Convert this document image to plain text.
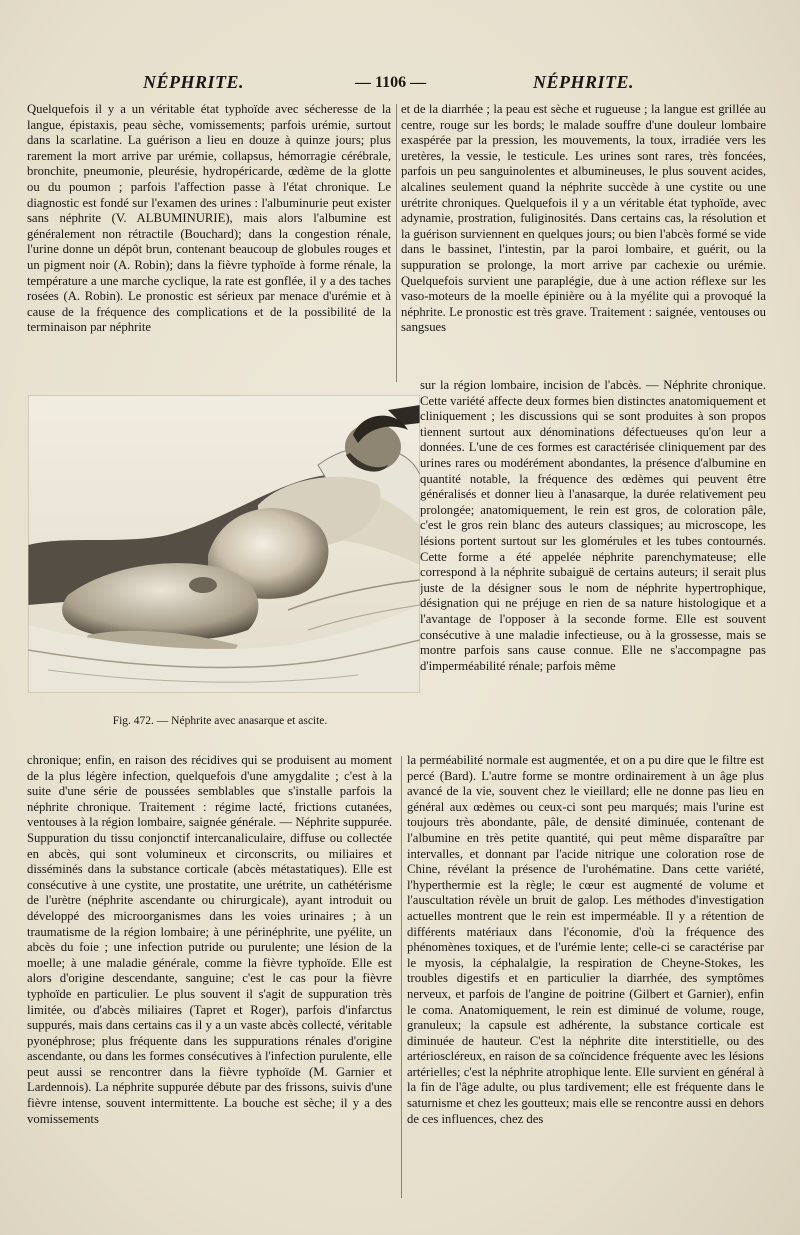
NÉPHRITE.	— 1106 —	NÉPHRITE.

Quelquefois il y a un véritable état typhoïde avec sécheresse de la langue, épistaxis, peau sèche, vomissements; parfois urémie, surtout dans la scarlatine. La guérison a lieu en douze à quinze jours; plus rarement la mort arrive par urémie, collapsus, hémorragie cérébrale, bronchite, pneumonie, pleurésie, hydropéricarde, œdème de la glotte ou du poumon ; parfois l'affection passe à l'état chronique. Le diagnostic est fondé sur l'examen des urines : l'albuminurie peut exister sans néphrite (V. ALBUMINURIE), mais alors l'albumine est généralement non rétractile (Bouchard); dans la congestion rénale, l'urine donne un dépôt brun, contenant beaucoup de globules rouges et un pigment noir (A. Robin); dans la fièvre typhoïde à forme rénale, la température a une marche cyclique, la rate est gonflée, il y a des taches rosées (A. Robin). Le pronostic est sérieux par menace d'urémie et à cause de la fréquence des complications et de la possibilité de la terminaison par néphrite

et de la diarrhée ; la peau est sèche et rugueuse ; la langue est grillée au centre, rouge sur les bords; le malade souffre d'une douleur lombaire exaspérée par la pression, les mouvements, la toux, irradiée vers les uretères, la vessie, le testicule. Les urines sont rares, très foncées, parfois un peu sanguinolentes et albumineuses, le plus souvent acides, alcalines seulement quand la néphrite succède à une cystite ou une urétrite chroniques. Quelquefois il y a un véritable état typhoïde, avec adynamie, prostration, fuliginosités. Dans certains cas, la résolution et la guérison surviennent en quelques jours; ou bien l'abcès formé se vide dans le bassinet, l'intestin, par la paroi lombaire, et guérit, ou la suppuration se prolonge, la mort arrive par cachexie ou urémie. Quelquefois survient une paraplégie, due à une action réflexe sur les vaso-moteurs de la moelle épinière ou à la myélite qui a provoqué la néphrite. Le pronostic est très grave. Traitement : saignée, ventouses ou sangsues

sur la région lombaire, incision de l'abcès. — Néphrite chronique. Cette variété affecte deux formes bien distinctes anatomiquement et cliniquement ; les discussions qui se sont produites à son propos tiennent surtout aux dénominations défectueuses qu'on leur a données. L'une de ces formes est caractérisée cliniquement par des urines rares ou modérément abondantes, la présence d'albumine en quantité notable, la fréquence des œdèmes qui peuvent être généralisés et donner lieu à l'anasarque, la durée relativement peu prolongée; anatomiquement, le rein est gros, de coloration pâle, c'est le gros rein blanc des auteurs classiques; au microscope, les lésions portent surtout sur les glomérules et les tubes contournés. Cette forme a été appelée néphrite parenchymateuse; elle correspond à la néphrite subaiguë de certains auteurs; il serait plus juste de la désigner sous le nom de néphrite hypertrophique, désignation qui ne préjuge en rien de sa nature histologique et a l'avantage de l'opposer à la seconde forme. Elle est souvent consécutive à une maladie infectieuse, ou à la grossesse, mais se montre parfois sans cause connue. Elle ne s'accompagne pas d'imperméabilité rénale; parfois même

Fig. 472. — Néphrite avec anasarque et ascite.

chronique; enfin, en raison des récidives qui se produisent au moment de la plus légère infection, quelquefois d'une amygdalite ; c'est à la suite d'une série de poussées semblables que s'installe parfois la néphrite chronique. Traitement : régime lacté, frictions cutanées, ventouses à la région lombaire, saignée générale. — Néphrite suppurée. Suppuration du tissu conjonctif intercanaliculaire, diffuse ou collectée en abcès, qui sont volumineux et circonscrits, ou miliaires et disséminés dans la substance corticale (abcès métastatiques). Elle est consécutive à une cystite, une prostatite, une urétrite, un cathétérisme de l'urètre (néphrite ascendante ou chirurgicale), ayant introduit ou développé des microorganismes dans les voies urinaires ; à un traumatisme de la région lombaire; à une périnéphrite, une pyélite, un abcès du foie ; une infection putride ou purulente; une lésion de la moelle; à une maladie générale, comme la fièvre typhoïde. Elle est alors d'origine descendante, sanguine; c'est le cas pour la fièvre typhoïde en particulier. Le plus souvent il s'agit de suppuration très limitée, ou d'abcès miliaires (Tapret et Roger), parfois d'infarctus suppurés, mais dans certains cas il y a un vaste abcès collecté, véritable pyonéphrose; plus fréquente dans les suppurations rénales d'origine ascendante, ou dans les formes consécutives à l'infection purulente, elle peut aussi se rencontrer dans la fièvre typhoïde (M. Garnier et Lardennois). La néphrite suppurée débute par des frissons, suivis d'une fièvre intense, souvent intermittente. La bouche est sèche; il y a des vomissements

la perméabilité normale est augmentée, et on a pu dire que le filtre est percé (Bard). L'autre forme se montre ordinairement à un âge plus avancé de la vie, souvent chez le vieillard; elle ne donne pas lieu en général aux œdèmes ou ceux-ci sont peu marqués; mais l'urine est toujours très abondante, pâle, de densité diminuée, contenant de l'albumine en très petite quantité, qui peut même disparaître par intervalles, et donnant par l'acide nitrique une coloration rose de Chine, révélant la présence de l'urohématine. Dans cette variété, l'hyperthermie est la règle; le cœur est augmenté de volume et l'auscultation révèle un bruit de galop. Les méthodes d'investigation actuelles montrent que le rein est imperméable. Il y a rétention de différents matériaux dans l'économie, d'où la fréquence des phénomènes toxiques, et de l'urémie lente; celle-ci se caractérise par le myosis, la céphalalgie, la respiration de Cheyne-Stokes, les troubles digestifs et en particulier la diarrhée, des symptômes nerveux, et parfois de l'angine de poitrine (Gilbert et Garnier), enfin le coma. Anatomiquement, le rein est diminué de volume, rouge, granuleux; la capsule est adhérente, la substance corticale est diminuée de hauteur. C'est la néphrite dite interstitielle, ou des artérioscléreux, en raison de sa coïncidence fréquente avec les lésions artérielles; c'est la néphrite atrophique lente. Elle survient en général à la fin de l'âge adulte, ou plus tardivement; elle est fréquente dans le saturnisme et chez les goutteux; mais elle se rencontre aussi en dehors de ces influences, chez des
